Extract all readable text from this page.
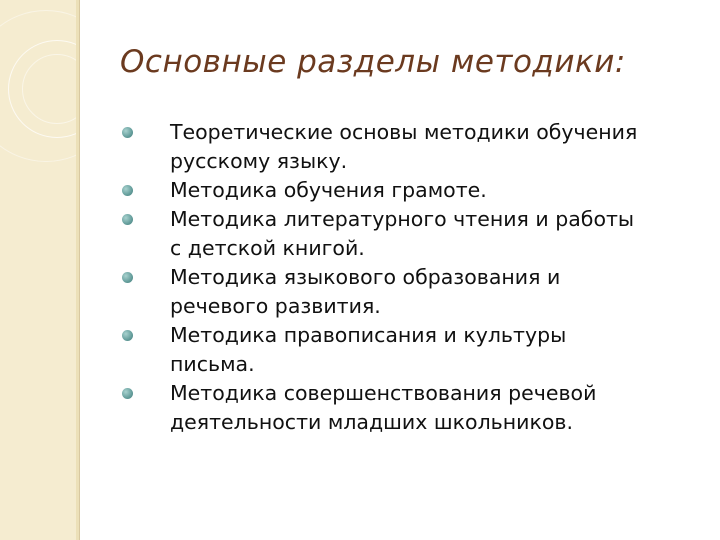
Основные разделы методики:
Теоретические основы методики обучения
русскому языку.
Методика обучения грамоте.
Методика литературного чтения и работы
с детской книгой.
Методика языкового образования и
речевого развития.
Методика правописания и культуры
письма.
Методика совершенствования речевой
деятельности младших школьников.
